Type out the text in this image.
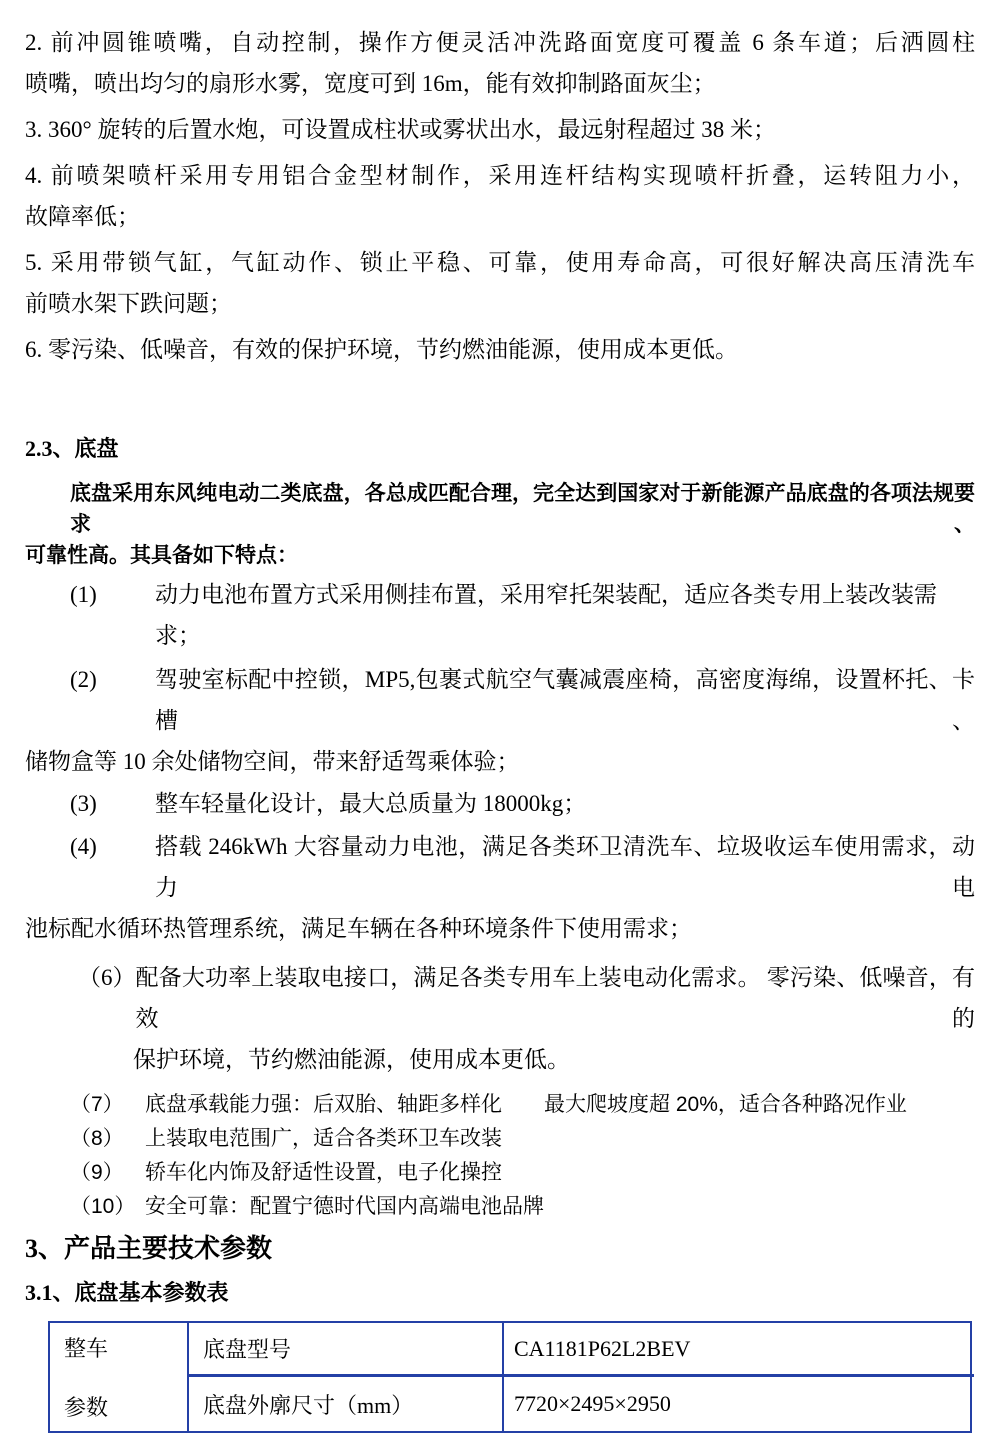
2. 前冲圆锥喷嘴，自动控制，操作方便灵活冲洗路面宽度可覆盖 6 条车道；后洒圆柱
喷嘴，喷出均匀的扇形水雾，宽度可到 16m，能有效抑制路面灰尘；
3. 360° 旋转的后置水炮，可设置成柱状或雾状出水，最远射程超过 38 米；
4. 前喷架喷杆采用专用铝合金型材制作，采用连杆结构实现喷杆折叠，运转阻力小，
故障率低；
5. 采用带锁气缸，气缸动作、锁止平稳、可靠，使用寿命高，可很好解决高压清洗车
前喷水架下跌问题；
6. 零污染、低噪音，有效的保护环境，节约燃油能源，使用成本更低。
2.3、底盘
底盘采用东风纯电动二类底盘，各总成匹配合理，完全达到国家对于新能源产品底盘的各项法规要求、
可靠性高。其具备如下特点：
(1)	动力电池布置方式采用侧挂布置，采用窄托架装配，适应各类专用上装改装需求；
(2)	驾驶室标配中控锁，MP5,包裹式航空气囊减震座椅，高密度海绵，设置杯托、卡槽、
储物盒等 10 余处储物空间，带来舒适驾乘体验；
(3)	整车轻量化设计，最大总质量为 18000kg；
(4)	搭载 246kWh 大容量动力电池，满足各类环卫清洗车、垃圾收运车使用需求，动力电
池标配水循环热管理系统，满足车辆在各种环境条件下使用需求；
（6） 配备大功率上装取电接口，满足各类专用车上装电动化需求。 零污染、低噪音，有效的
保护环境，节约燃油能源，使用成本更低。
（7）	底盘承载能力强：后双胎、轴距多样化　　最大爬坡度超 20%，适合各种路况作业
（8）	上装取电范围广，适合各类环卫车改装
（9）	轿车化内饰及舒适性设置，电子化操控
（10） 安全可靠：配置宁德时代国内高端电池品牌
3、产品主要技术参数
3.1、底盘基本参数表
整车
参数
底盘型号	CA1181P62L2BEV
底盘外廓尺寸（mm）	7720×2495×2950
